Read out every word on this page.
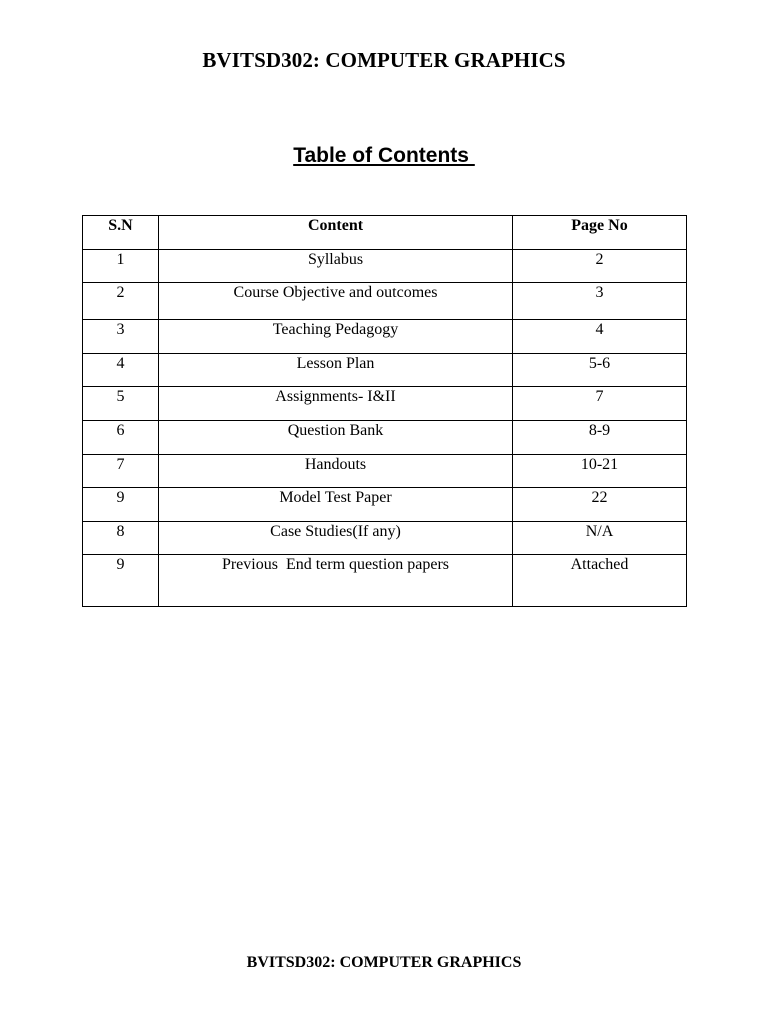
BVITSD302: COMPUTER GRAPHICS
Table of Contents
S.N	Content	Page No
1	Syllabus	2
2	Course Objective and outcomes	3
3	Teaching Pedagogy	4
4	Lesson Plan	5-6
5	Assignments- I&II	7
6	Question Bank	8-9
7	Handouts	10-21
9	Model Test Paper	22
8	Case Studies(If any)	N/A
9	Previous  End term question papers	Attached
BVITSD302: COMPUTER GRAPHICS
